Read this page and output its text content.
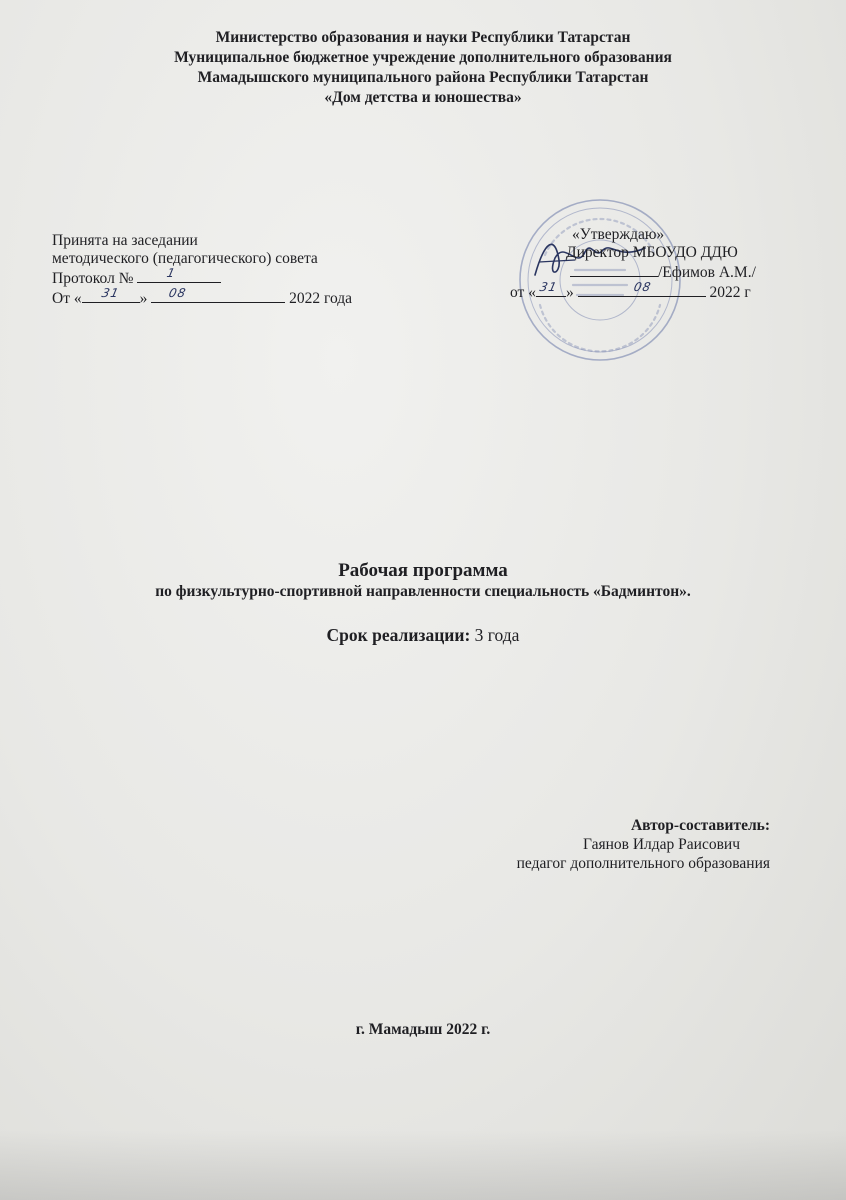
Министерство образования и науки Республики Татарстан
Муниципальное бюджетное учреждение дополнительного образования
Мамадышского муниципального района Республики Татарстан
«Дом детства и юношества»
Принята на заседании
методического (педагогического) совета
Протокол №	1
От « 31 » 08	2022 года
«Утверждаю»
Директор МБОУДО ДДЮ
/Ефимов А.М./
от « 31 »	08	2022 г
Рабочая программа
по физкультурно-спортивной направленности специальность «Бадминтон».
Срок реализации: 3 года
Автор-составитель:
Гаянов Илдар Раисович
педагог дополнительного образования
г. Мамадыш 2022 г.
